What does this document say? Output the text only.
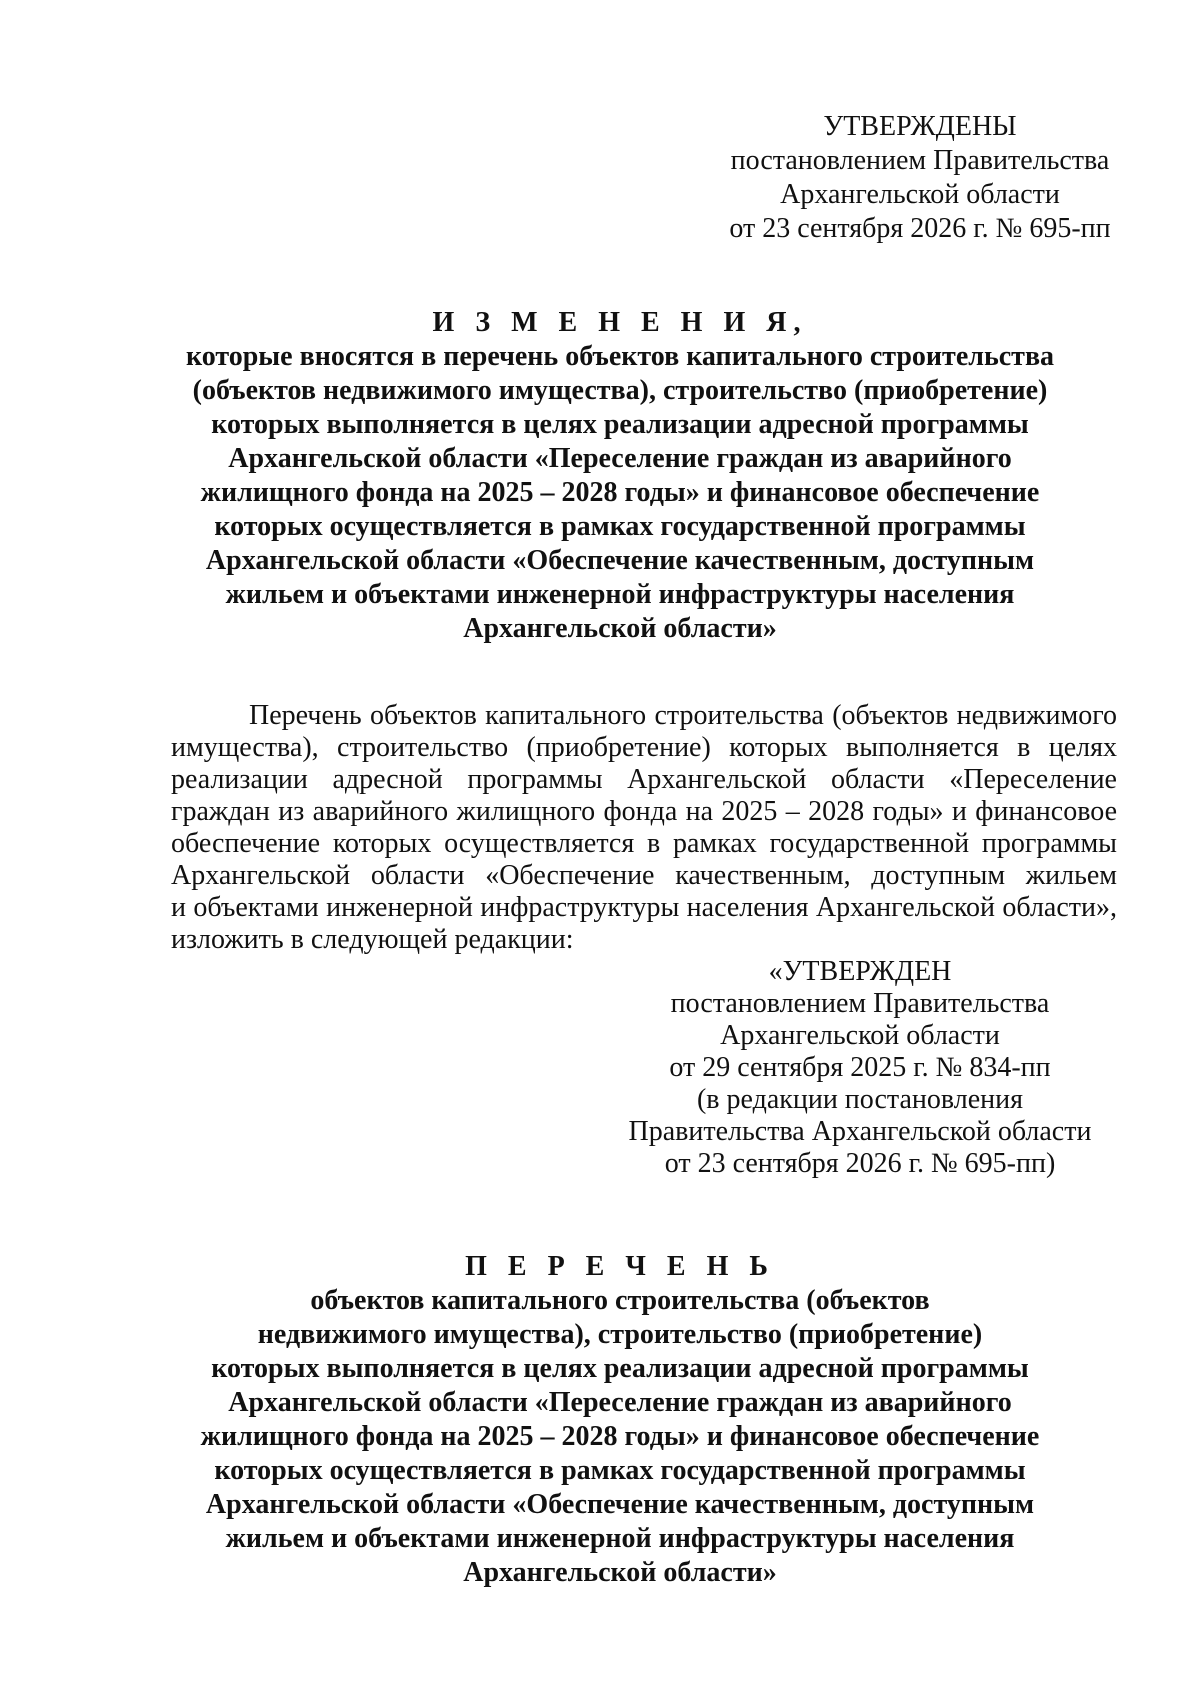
УТВЕРЖДЕНЫ
постановлением Правительства
Архангельской области
от 23 сентября 2026 г. № 695-пп
И З М Е Н Е Н И Я,
которые вносятся в перечень объектов капитального строительства
(объектов недвижимого имущества), строительство (приобретение)
которых выполняется в целях реализации адресной программы
Архангельской области «Переселение граждан из аварийного
жилищного фонда на 2025 – 2028 годы» и финансовое обеспечение
которых осуществляется в рамках государственной программы
Архангельской области «Обеспечение качественным, доступным
жильем и объектами инженерной инфраструктуры населения
Архангельской области»
Перечень объектов капитального строительства (объектов недвижимого
имущества), строительство (приобретение) которых выполняется в целях
реализации адресной программы Архангельской области «Переселение
граждан из аварийного жилищного фонда на 2025 – 2028 годы» и финансовое
обеспечение которых осуществляется в рамках государственной программы
Архангельской области «Обеспечение качественным, доступным жильем
и объектами инженерной инфраструктуры населения Архангельской области»,
изложить в следующей редакции:
«УТВЕРЖДЕН
постановлением Правительства
Архангельской области
от 29 сентября 2025 г. № 834-пп
(в редакции постановления
Правительства Архангельской области
от 23 сентября 2026 г. № 695-пп)
П Е Р Е Ч Е Н Ь
объектов капитального строительства (объектов
недвижимого имущества), строительство (приобретение)
которых выполняется в целях реализации адресной программы
Архангельской области «Переселение граждан из аварийного
жилищного фонда на 2025 – 2028 годы» и финансовое обеспечение
которых осуществляется в рамках государственной программы
Архангельской области «Обеспечение качественным, доступным
жильем и объектами инженерной инфраструктуры населения
Архангельской области»
